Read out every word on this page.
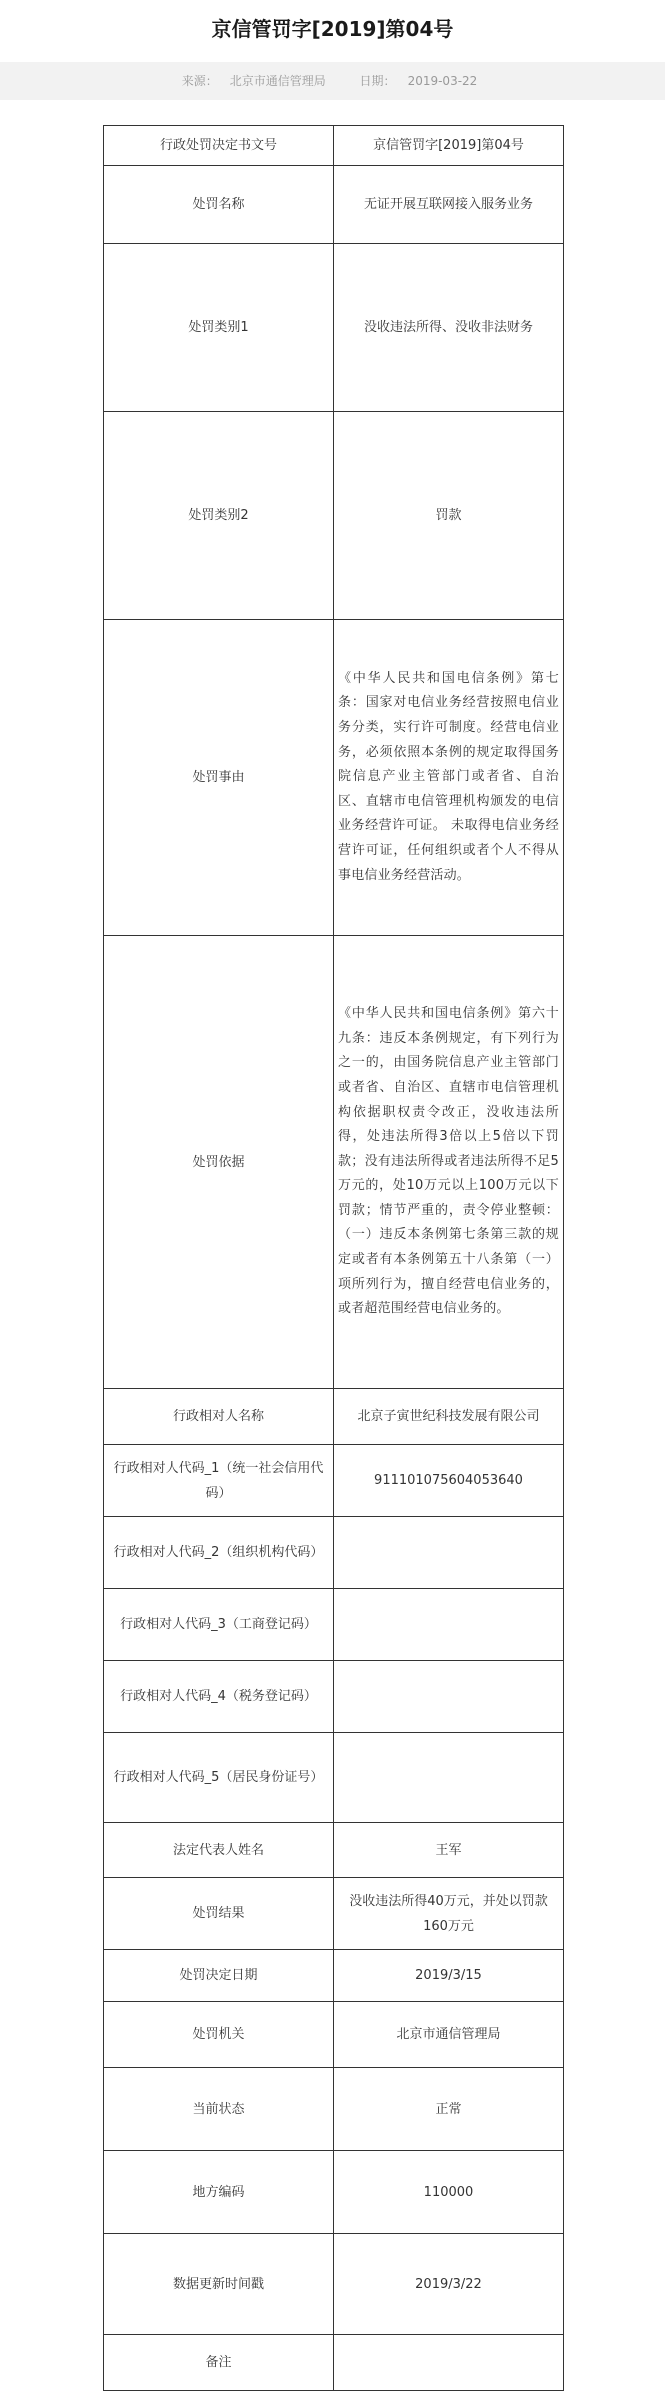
京信管罚字[2019]第04号
来源： 北京市通信管理局	日期： 2019-03-22
行政处罚决定书文号	京信管罚字[2019]第04号
处罚名称	无证开展互联网接入服务业务
处罚类别1	没收违法所得、没收非法财务
处罚类别2	罚款
处罚事由	《中华人民共和国电信条例》第七条：国家对电信业务经营按照电信业务分类，实行许可制度。经营电信业务，必须依照本条例的规定取得国务院信息产业主管部门或者省、自治区、直辖市电信管理机构颁发的电信业务经营许可证。 未取得电信业务经营许可证，任何组织或者个人不得从事电信业务经营活动。
处罚依据	《中华人民共和国电信条例》第六十九条：违反本条例规定，有下列行为之一的，由国务院信息产业主管部门或者省、自治区、直辖市电信管理机构依据职权责令改正，没收违法所得，处违法所得3倍以上5倍以下罚款；没有违法所得或者违法所得不足5万元的，处10万元以上100万元以下罚款；情节严重的，责令停业整顿：（一）违反本条例第七条第三款的规定或者有本条例第五十八条第（一）项所列行为，擅自经营电信业务的，或者超范围经营电信业务的。
行政相对人名称	北京子寅世纪科技发展有限公司
行政相对人代码_1（统一社会信用代码）	911101075604053640
行政相对人代码_2（组织机构代码）	
行政相对人代码_3（工商登记码）	
行政相对人代码_4（税务登记码）	
行政相对人代码_5（居民身份证号）	
法定代表人姓名	王军
处罚结果	没收违法所得40万元，并处以罚款160万元
处罚决定日期	2019/3/15
处罚机关	北京市通信管理局
当前状态	正常
地方编码	110000
数据更新时间戳	2019/3/22
备注	
